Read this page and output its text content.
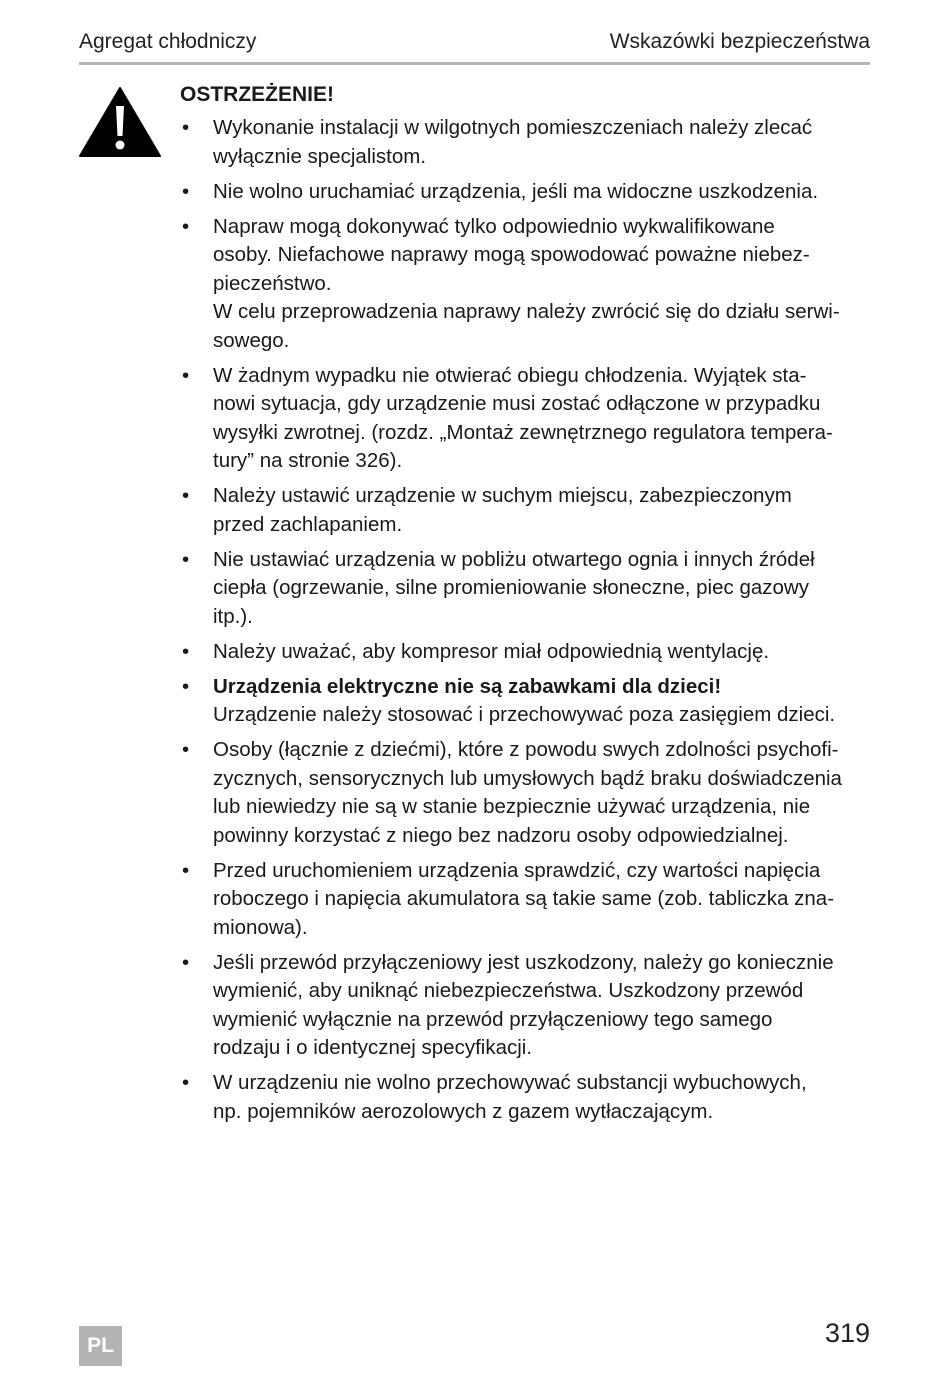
Agregat chłodniczy	Wskazówki bezpieczeństwa
OSTRZEŻENIE!
• Wykonanie instalacji w wilgotnych pomieszczeniach należy zlecać
wyłącznie specjalistom.
• Nie wolno uruchamiać urządzenia, jeśli ma widoczne uszkodzenia.
• Napraw mogą dokonywać tylko odpowiednio wykwalifikowane
osoby. Niefachowe naprawy mogą spowodować poważne niebez-
pieczeństwo.
W celu przeprowadzenia naprawy należy zwrócić się do działu serwi-
sowego.
• W żadnym wypadku nie otwierać obiegu chłodzenia. Wyjątek sta-
nowi sytuacja, gdy urządzenie musi zostać odłączone w przypadku
wysyłki zwrotnej. (rozdz. „Montaż zewnętrznego regulatora tempera-
tury” na stronie 326).
• Należy ustawić urządzenie w suchym miejscu, zabezpieczonym
przed zachlapaniem.
• Nie ustawiać urządzenia w pobliżu otwartego ognia i innych źródeł
ciepła (ogrzewanie, silne promieniowanie słoneczne, piec gazowy
itp.).
• Należy uważać, aby kompresor miał odpowiednią wentylację.
• Urządzenia elektryczne nie są zabawkami dla dzieci!
Urządzenie należy stosować i przechowywać poza zasięgiem dzieci.
• Osoby (łącznie z dziećmi), które z powodu swych zdolności psychofi-
zycznych, sensorycznych lub umysłowych bądź braku doświadczenia
lub niewiedzy nie są w stanie bezpiecznie używać urządzenia, nie
powinny korzystać z niego bez nadzoru osoby odpowiedzialnej.
• Przed uruchomieniem urządzenia sprawdzić, czy wartości napięcia
roboczego i napięcia akumulatora są takie same (zob. tabliczka zna-
mionowa).
• Jeśli przewód przyłączeniowy jest uszkodzony, należy go koniecznie
wymienić, aby uniknąć niebezpieczeństwa. Uszkodzony przewód
wymienić wyłącznie na przewód przyłączeniowy tego samego
rodzaju i o identycznej specyfikacji.
• W urządzeniu nie wolno przechowywać substancji wybuchowych,
np. pojemników aerozolowych z gazem wytłaczającym.
PL	319
